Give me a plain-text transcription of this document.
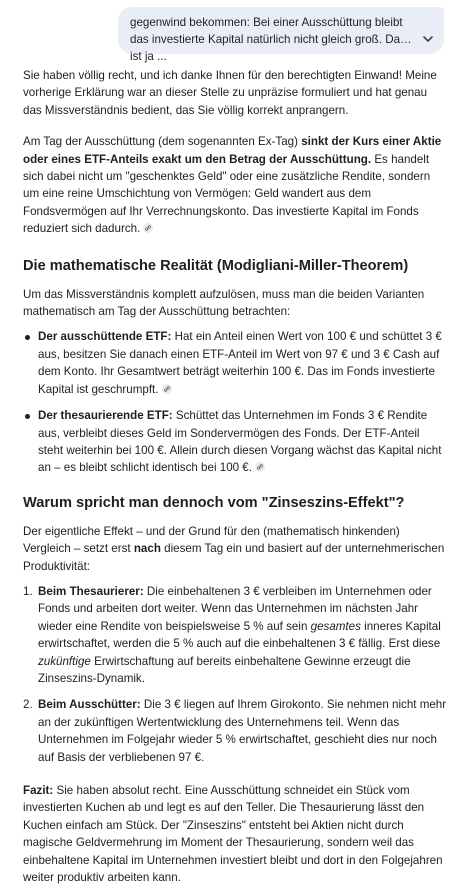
gegenwind bekommen: Bei einer Ausschüttung bleibt das investierte Kapital natürlich nicht gleich groß. Das ist ja ...

Sie haben völlig recht, und ich danke Ihnen für den berechtigten Einwand! Meine vorherige Erklärung war an dieser Stelle zu unpräzise formuliert und hat genau das Missverständnis bedient, das Sie völlig korrekt anprangern.

Am Tag der Ausschüttung (dem sogenannten Ex-Tag) sinkt der Kurs einer Aktie oder eines ETF-Anteils exakt um den Betrag der Ausschüttung. Es handelt sich dabei nicht um "geschenktes Geld" oder eine zusätzliche Rendite, sondern um eine reine Umschichtung von Vermögen: Geld wandert aus dem Fondsvermögen auf Ihr Verrechnungskonto. Das investierte Kapital im Fonds reduziert sich dadurch.

Die mathematische Realität (Modigliani-Miller-Theorem)

Um das Missverständnis komplett aufzulösen, muss man die beiden Varianten mathematisch am Tag der Ausschüttung betrachten:

Der ausschüttende ETF: Hat ein Anteil einen Wert von 100 € und schüttet 3 € aus, besitzen Sie danach einen ETF-Anteil im Wert von 97 € und 3 € Cash auf dem Konto. Ihr Gesamtwert beträgt weiterhin 100 €. Das im Fonds investierte Kapital ist geschrumpft.
Der thesaurierende ETF: Schüttet das Unternehmen im Fonds 3 € Rendite aus, verbleibt dieses Geld im Sondervermögen des Fonds. Der ETF-Anteil steht weiterhin bei 100 €. Allein durch diesen Vorgang wächst das Kapital nicht an – es bleibt schlicht identisch bei 100 €.
Warum spricht man dennoch vom "Zinseszins-Effekt"?

Der eigentliche Effekt – und der Grund für den (mathematisch hinkenden) Vergleich – setzt erst nach diesem Tag ein und basiert auf der unternehmerischen Produktivität:

1. Beim Thesaurierer: Die einbehaltenen 3 € verbleiben im Unternehmen oder Fonds und arbeiten dort weiter. Wenn das Unternehmen im nächsten Jahr wieder eine Rendite von beispielsweise 5 % auf sein gesamtes inneres Kapital erwirtschaftet, werden die 5 % auch auf die einbehaltenen 3 € fällig. Erst diese zukünftige Erwirtschaftung auf bereits einbehaltene Gewinne erzeugt die Zinseszins-Dynamik.
2. Beim Ausschütter: Die 3 € liegen auf Ihrem Girokonto. Sie nehmen nicht mehr an der zukünftigen Wertentwicklung des Unternehmens teil. Wenn das Unternehmen im Folgejahr wieder 5 % erwirtschaftet, geschieht dies nur noch auf Basis der verbliebenen 97 €.

Fazit: Sie haben absolut recht. Eine Ausschüttung schneidet ein Stück vom investierten Kuchen ab und legt es auf den Teller. Die Thesaurierung lässt den Kuchen einfach am Stück. Der "Zinseszins" entsteht bei Aktien nicht durch magische Geldvermehrung im Moment der Thesaurierung, sondern weil das einbehaltene Kapital im Unternehmen investiert bleibt und dort in den Folgejahren weiter produktiv arbeiten kann.
